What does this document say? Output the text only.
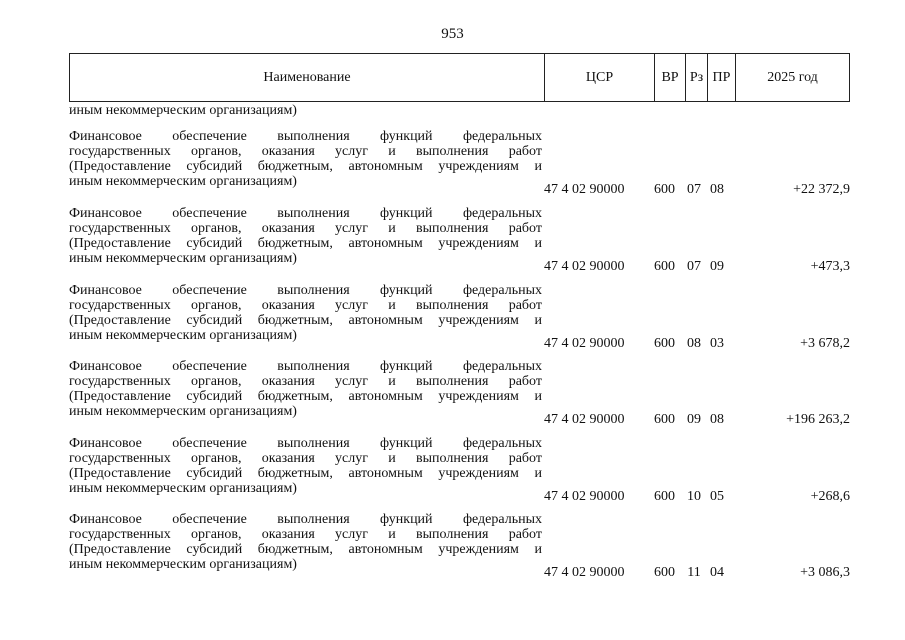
953
Наименование	ЦСР	ВР Рз ПР	2025 год
иным некоммерческим организациям)
Финансовое обеспечение выполнения функций федеральных
государственных органов, оказания услуг и выполнения работ
(Предоставление субсидий бюджетным, автономным учреждениям и
иным некоммерческим организациям)
47 4 02 90000	600 07 08	+22 372,9
Финансовое обеспечение выполнения функций федеральных
государственных органов, оказания услуг и выполнения работ
(Предоставление субсидий бюджетным, автономным учреждениям и
иным некоммерческим организациям)
47 4 02 90000	600 07 09	+473,3
Финансовое обеспечение выполнения функций федеральных
государственных органов, оказания услуг и выполнения работ
(Предоставление субсидий бюджетным, автономным учреждениям и
иным некоммерческим организациям)
47 4 02 90000	600 08 03	+3 678,2
Финансовое обеспечение выполнения функций федеральных
государственных органов, оказания услуг и выполнения работ
(Предоставление субсидий бюджетным, автономным учреждениям и
иным некоммерческим организациям)
47 4 02 90000	600 09 08	+196 263,2
Финансовое обеспечение выполнения функций федеральных
государственных органов, оказания услуг и выполнения работ
(Предоставление субсидий бюджетным, автономным учреждениям и
иным некоммерческим организациям)
47 4 02 90000	600 10 05	+268,6
Финансовое обеспечение выполнения функций федеральных
государственных органов, оказания услуг и выполнения работ
(Предоставление субсидий бюджетным, автономным учреждениям и
иным некоммерческим организациям)
47 4 02 90000	600 11 04	+3 086,3
